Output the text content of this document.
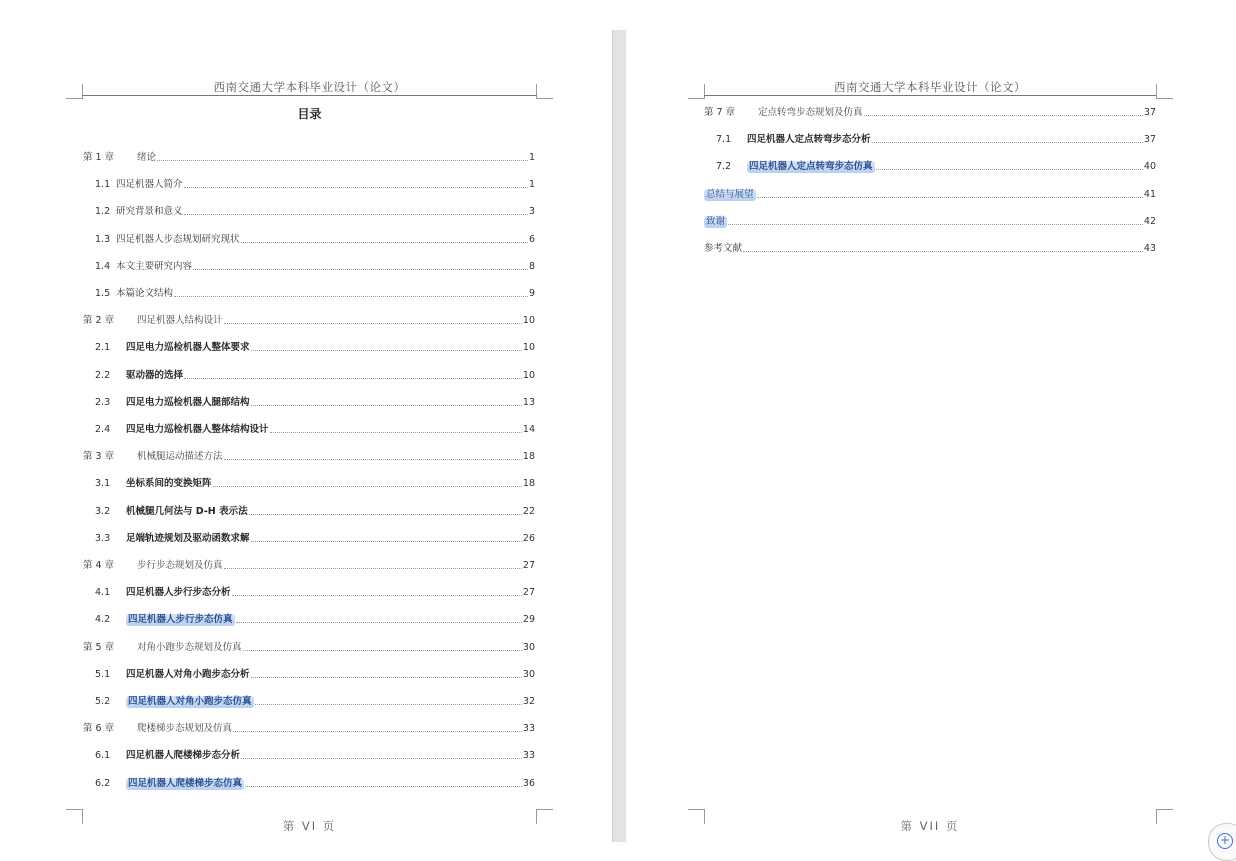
西南交通大学本科毕业设计（论文）
目录
第 1 章	绪论	1
1.1 四足机器人简介	1
1.2 研究背景和意义	3
1.3 四足机器人步态规划研究现状	6
1.4 本文主要研究内容	8
1.5 本篇论文结构	9
第 2 章	四足机器人结构设计	10
2.1	四足电力巡检机器人整体要求	10
2.2	驱动器的选择	10
2.3	四足电力巡检机器人腿部结构	13
2.4	四足电力巡检机器人整体结构设计	14
第 3 章	机械腿运动描述方法	18
3.1	坐标系间的变换矩阵	18
3.2	机械腿几何法与 D-H 表示法	22
3.3	足端轨迹规划及驱动函数求解	26
第 4 章	步行步态规划及仿真	27
4.1	四足机器人步行步态分析	27
4.2	四足机器人步行步态仿真	29
第 5 章	对角小跑步态规划及仿真	30
5.1	四足机器人对角小跑步态分析	30
5.2	四足机器人对角小跑步态仿真	32
第 6 章	爬楼梯步态规划及仿真	33
6.1	四足机器人爬楼梯步态分析	33
6.2	四足机器人爬楼梯步态仿真	36
第 VI 页
西南交通大学本科毕业设计（论文）
第 7 章	定点转弯步态规划及仿真	37
7.1	四足机器人定点转弯步态分析	37
7.2	四足机器人定点转弯步态仿真	40
总结与展望	41
致谢	42
参考文献	43
第 VII 页
+
